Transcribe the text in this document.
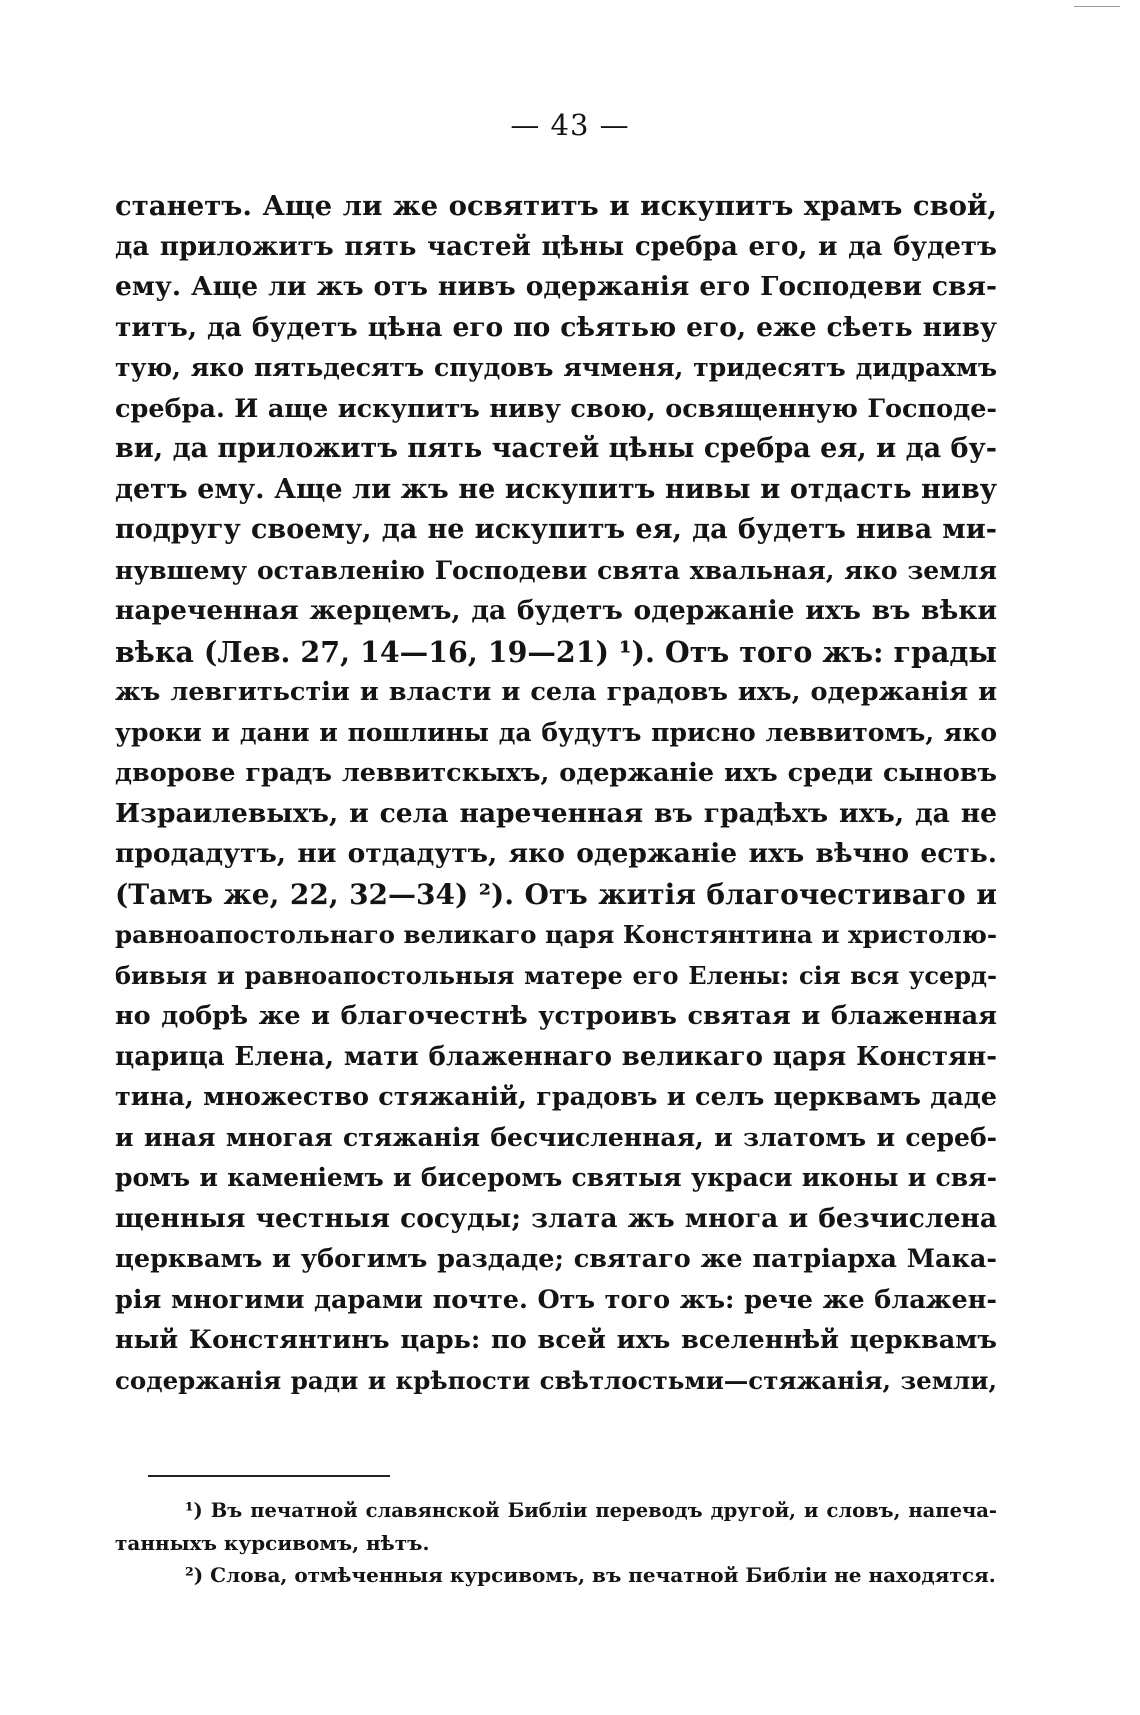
— 43 —
станетъ. Аще ли же освятитъ и искупитъ храмъ свой,
да приложитъ пять частей цѣны сребра его, и да будетъ
ему. Аще ли жъ отъ нивъ одержанія его Господеви свя-
титъ, да будетъ цѣна его по сѣятью его, еже сѣеть ниву
тую, яко пятьдесятъ спудовъ ячменя, тридесятъ дидрахмъ
сребра. И аще искупитъ ниву свою, освященную Господе-
ви, да приложитъ пять частей цѣны сребра ея, и да бу-
детъ ему. Аще ли жъ не искупитъ нивы и отдасть ниву
подругу своему, да не искупитъ ея, да будетъ нива ми-
нувшему оставленію Господеви свята хвальная, яко земля
нареченная жерцемъ, да будетъ одержаніе ихъ въ вѣки
вѣка (Лев. 27, 14—16, 19—21) ¹). Отъ того жъ: грады
жъ левгитьстіи и власти и села градовъ ихъ, одержанія и
уроки и дани и пошлины да будутъ присно леввитомъ, яко
дворове градъ леввитскыхъ, одержаніе ихъ среди сыновъ
Израилевыхъ, и села нареченная въ градѣхъ ихъ, да не
продадутъ, ни отдадутъ, яко одержаніе ихъ вѣчно есть.
(Тамъ же, 22, 32—34) ²). Отъ житія благочестиваго и
равноапостольнаго великаго царя Констянтина и христолю-
бивыя и равноапостольныя матере его Елены: сія вся усерд-
но добрѣ же и благочестнѣ устроивъ святая и блаженная
царица Елена, мати блаженнаго великаго царя Констян-
тина, множество стяжаній, градовъ и селъ церквамъ даде
и иная многая стяжанія бесчисленная, и златомъ и сереб-
ромъ и каменіемъ и бисеромъ святыя украси иконы и свя-
щенныя честныя сосуды; злата жъ многа и безчислена
церквамъ и убогимъ раздаде; святаго же патріарха Мака-
рія многими дарами почте. Отъ того жъ: рече же блажен-
ный Констянтинъ царь: по всей ихъ вселеннѣй церквамъ
содержанія ради и крѣпости свѣтлостьми—стяжанія, земли,
¹) Въ печатной славянской Библіи переводъ другой, и словъ, напеча-
танныхъ курсивомъ, нѣтъ.
²) Слова, отмѣченныя курсивомъ, въ печатной Библіи не находятся.
